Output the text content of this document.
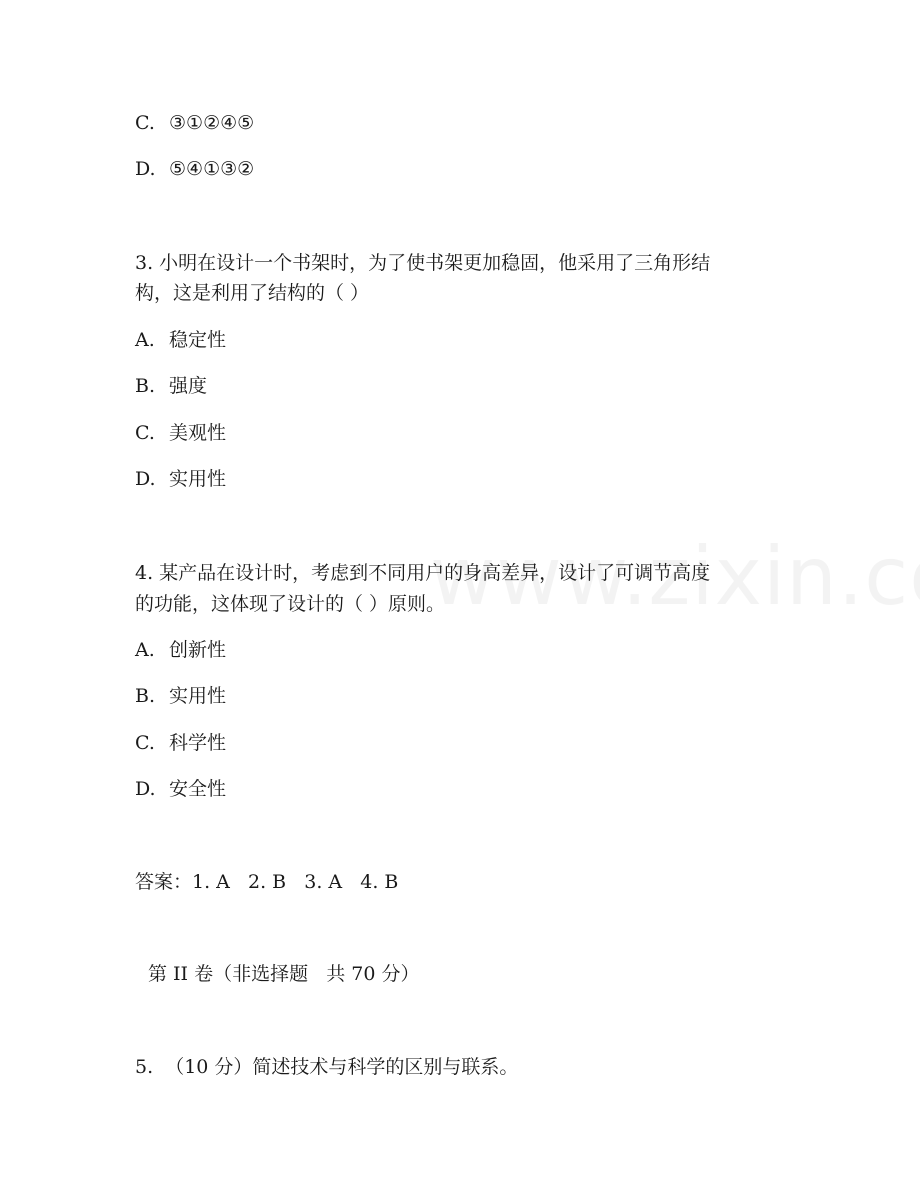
C. ③①②④⑤
D. ⑤④①③②
3. 小明在设计一个书架时，为了使书架更加稳固，他采用了三角形结
构，这是利用了结构的（ ）
A. 稳定性
B. 强度
C. 美观性
D. 实用性
4. 某产品在设计时，考虑到不同用户的身高差异，设计了可调节高度
的功能，这体现了设计的（ ）原则。
A. 创新性
B. 实用性
C. 科学性
D. 安全性
答案：1. A   2. B   3. A   4. B
第 II 卷（非选择题   共 70 分）
5.  （10 分）简述技术与科学的区别与联系。
